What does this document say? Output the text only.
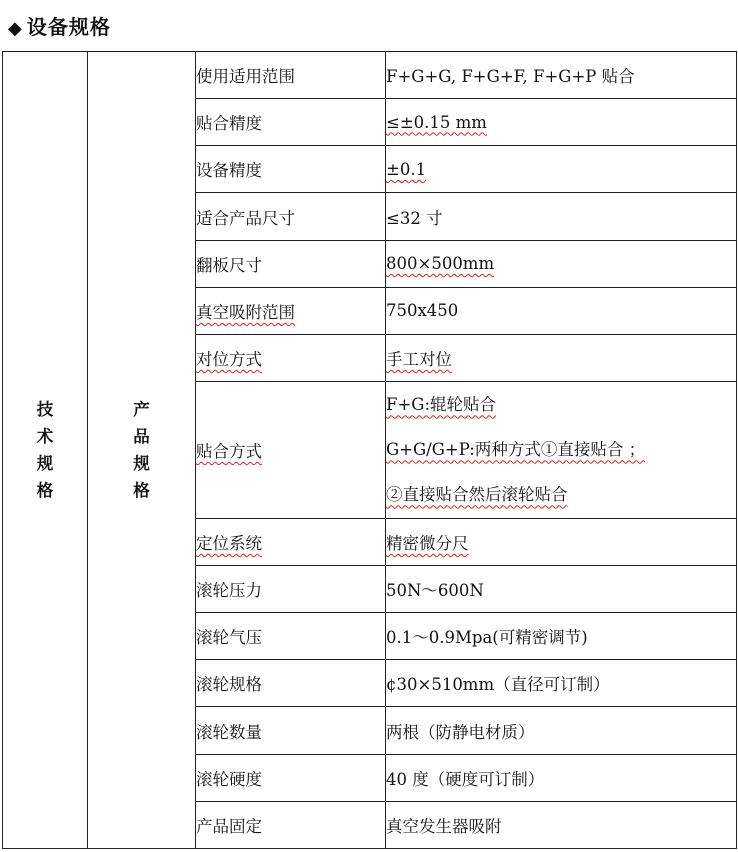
◆ 设备规格
技
术
规
格	产
品
规
格	使用适用范围	F+G+G, F+G+F, F+G+P 贴合
		贴合精度	≤±0.15 mm
		设备精度	±0.1
		适合产品尺寸	≤32 寸
		翻板尺寸	800×500mm
		真空吸附范围	750x450
		对位方式	手工对位
		贴合方式	F+G:辊轮贴合
G+G/G+P:两种方式①直接贴合 ；
②直接贴合然后滚轮贴合

		定位系统	精密微分尺
		滚轮压力	50N～600N
		滚轮气压	0.1～0.9Mpa(可精密调节)
		滚轮规格	¢30×510mm（直径可订制）
		滚轮数量	两根（防静电材质）
		滚轮硬度	40 度（硬度可订制）
		产品固定	真空发生器吸附
